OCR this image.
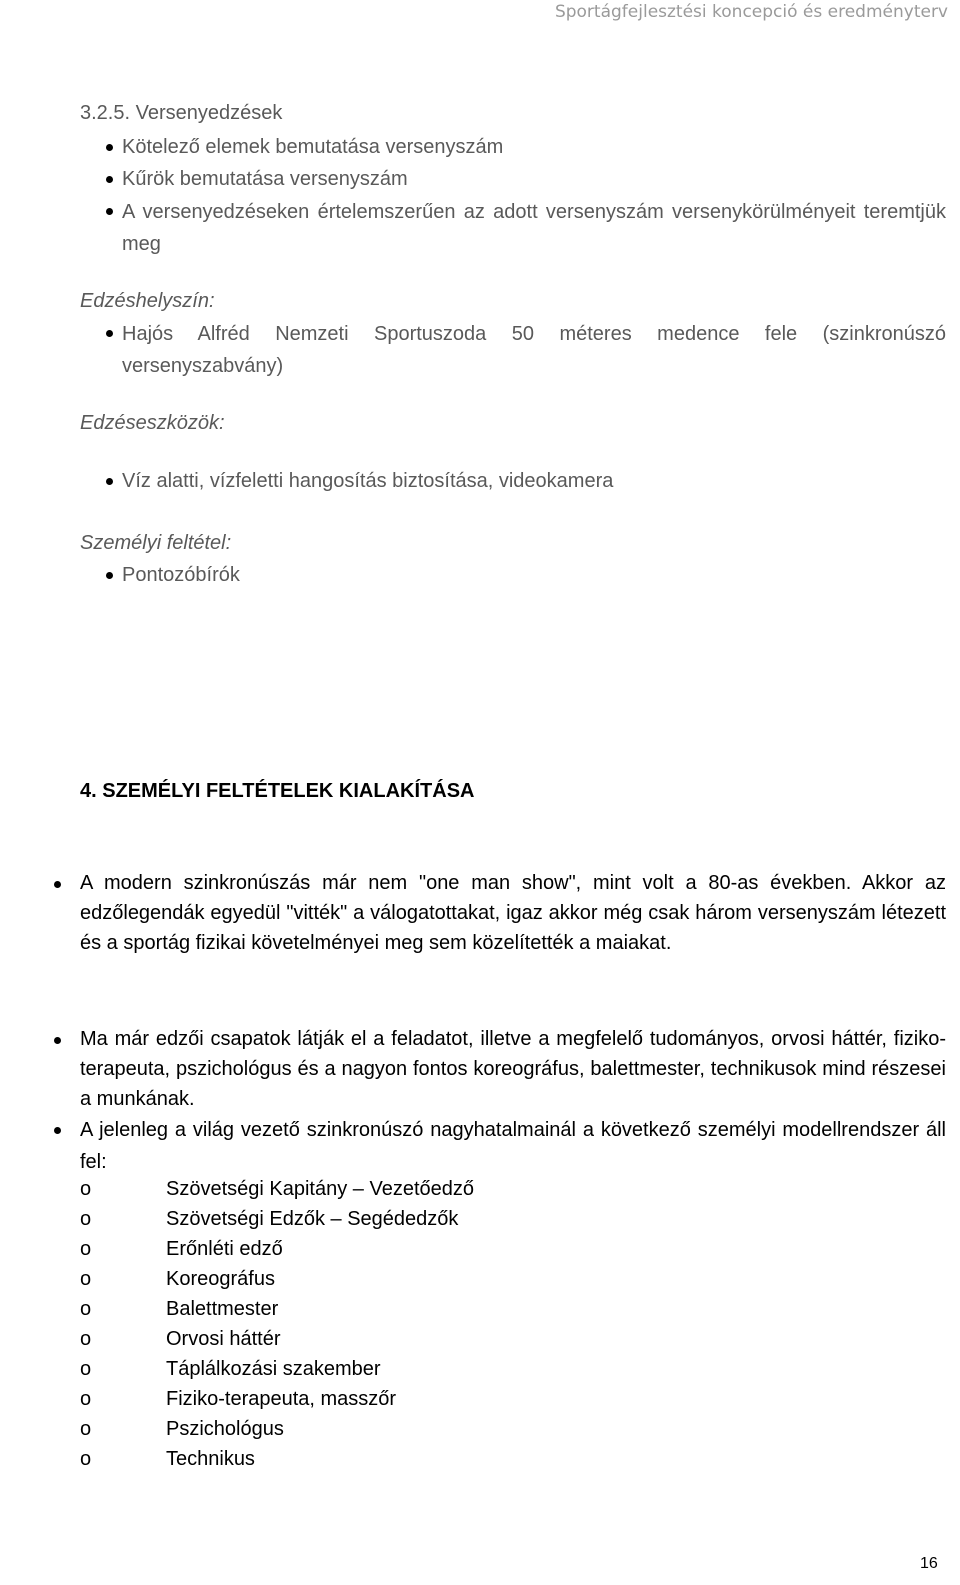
Sportágfejlesztési koncepció és eredményterv
3.2.5. Versenyedzések
Kötelező elemek bemutatása versenyszám
Kűrök bemutatása versenyszám
A versenyedzéseken értelemszerűen az adott versenyszám versenykörülményeit teremtjük meg
Edzéshelyszín:
Hajós Alfréd Nemzeti Sportuszoda 50 méteres medence fele (szinkronúszó versenyszabvány)
Edzéseszközök:
Víz alatti, vízfeletti hangosítás biztosítása, videokamera
Személyi feltétel:
Pontozóbírók
4. SZEMÉLYI FELTÉTELEK KIALAKÍTÁSA
A modern szinkronúszás már nem "one man show", mint volt a 80-as években. Akkor az edzőlegendák egyedül "vitték" a válogatottakat, igaz akkor még csak három versenyszám létezett és a sportág fizikai követelményei meg sem közelítették a maiakat.
Ma már edzői csapatok látják el a feladatot, illetve a megfelelő tudományos, orvosi háttér, fiziko-terapeuta, pszichológus és a nagyon fontos koreográfus, balettmester, technikusok mind részesei a munkának.
A jelenleg a világ vezető szinkronúszó nagyhatalmainál a következő személyi modellrendszer áll fel:
o	Szövetségi Kapitány – Vezetőedző
o	Szövetségi Edzők – Segédedzők
o	Erőnléti edző
o	Koreográfus
o	Balettmester
o	Orvosi háttér
o	Táplálkozási szakember
o	Fiziko-terapeuta, masszőr
o	Pszichológus
o	Technikus
16
